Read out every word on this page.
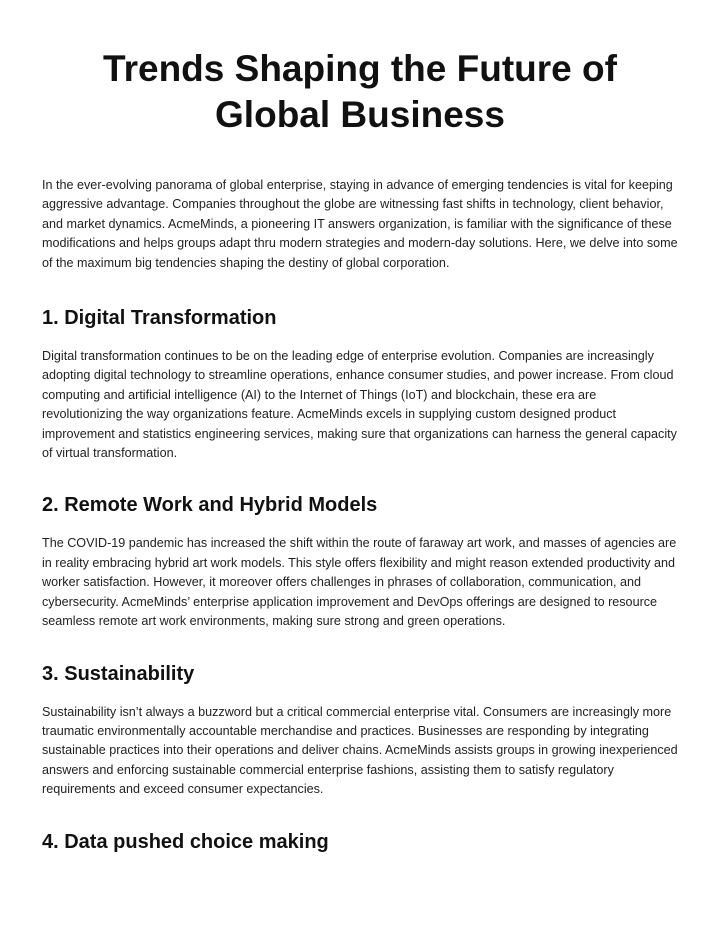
Trends Shaping the Future of Global Business

In the ever-evolving panorama of global enterprise, staying in advance of emerging tendencies is vital for keeping aggressive advantage. Companies throughout the globe are witnessing fast shifts in technology, client behavior, and market dynamics. AcmeMinds, a pioneering IT answers organization, is familiar with the significance of these modifications and helps groups adapt thru modern strategies and modern-day solutions. Here, we delve into some of the maximum big tendencies shaping the destiny of global corporation.

1. Digital Transformation

Digital transformation continues to be on the leading edge of enterprise evolution. Companies are increasingly adopting digital technology to streamline operations, enhance consumer studies, and power increase. From cloud computing and artificial intelligence (AI) to the Internet of Things (IoT) and blockchain, these era are revolutionizing the way organizations feature. AcmeMinds excels in supplying custom designed product improvement and statistics engineering services, making sure that organizations can harness the general capacity of virtual transformation.

2. Remote Work and Hybrid Models

The COVID-19 pandemic has increased the shift within the route of faraway art work, and masses of agencies are in reality embracing hybrid art work models. This style offers flexibility and might reason extended productivity and worker satisfaction. However, it moreover offers challenges in phrases of collaboration, communication, and cybersecurity. AcmeMinds’ enterprise application improvement and DevOps offerings are designed to resource seamless remote art work environments, making sure strong and green operations.

3. Sustainability

Sustainability isn’t always a buzzword but a critical commercial enterprise vital. Consumers are increasingly more traumatic environmentally accountable merchandise and practices. Businesses are responding by integrating sustainable practices into their operations and deliver chains. AcmeMinds assists groups in growing inexperienced answers and enforcing sustainable commercial enterprise fashions, assisting them to satisfy regulatory requirements and exceed consumer expectancies.

4. Data pushed choice making
